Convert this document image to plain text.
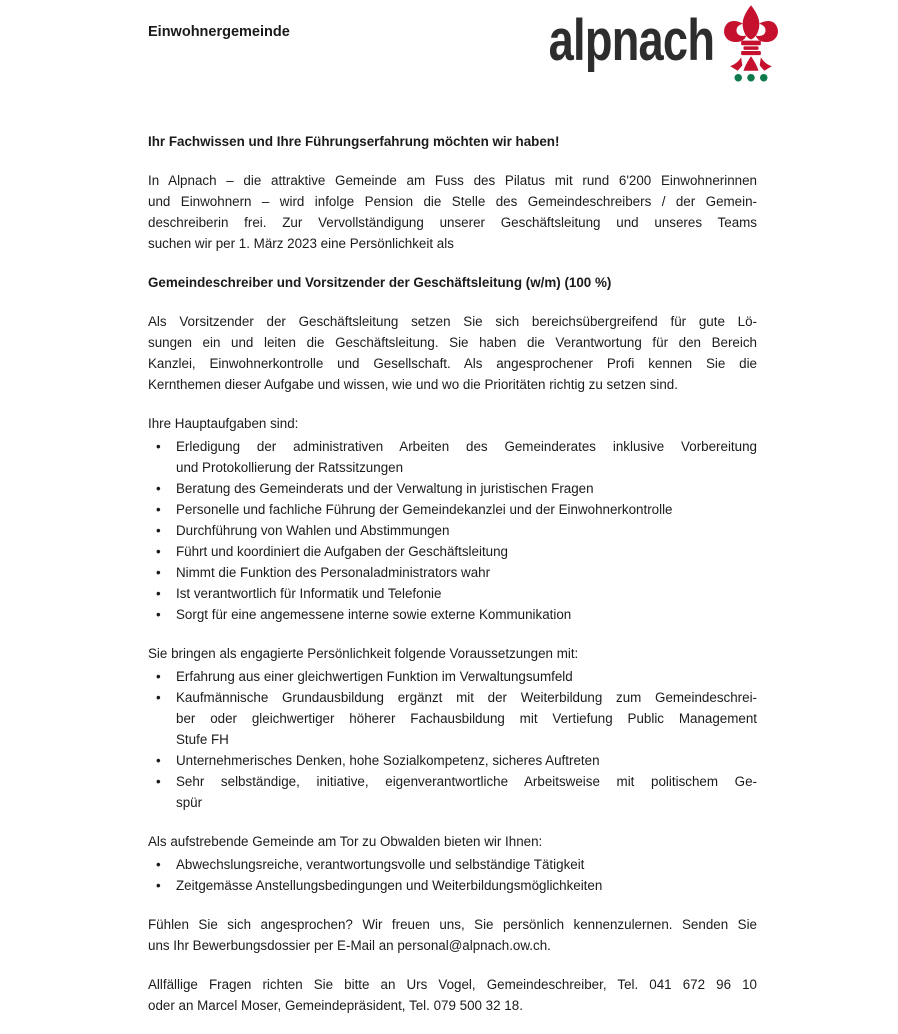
Einwohnergemeinde	alpnach

Ihr Fachwissen und Ihre Führungserfahrung möchten wir haben!

In Alpnach – die attraktive Gemeinde am Fuss des Pilatus mit rund 6'200 Einwohnerinnen
und Einwohnern – wird infolge Pension die Stelle des Gemeindeschreibers / der Gemein-
deschreiberin frei. Zur Vervollständigung unserer Geschäftsleitung und unseres Teams
suchen wir per 1. März 2023 eine Persönlichkeit als

Gemeindeschreiber und Vorsitzender der Geschäftsleitung (w/m) (100 %)

Als Vorsitzender der Geschäftsleitung setzen Sie sich bereichsübergreifend für gute Lö-
sungen ein und leiten die Geschäftsleitung. Sie haben die Verantwortung für den Bereich
Kanzlei, Einwohnerkontrolle und Gesellschaft. Als angesprochener Profi kennen Sie die
Kernthemen dieser Aufgabe und wissen, wie und wo die Prioritäten richtig zu setzen sind.

Ihre Hauptaufgaben sind:

• Erledigung der administrativen Arbeiten des Gemeinderates inklusive Vorbereitung
und Protokollierung der Ratssitzungen
• Beratung des Gemeinderats und der Verwaltung in juristischen Fragen
• Personelle und fachliche Führung der Gemeindekanzlei und der Einwohnerkontrolle
• Durchführung von Wahlen und Abstimmungen
• Führt und koordiniert die Aufgaben der Geschäftsleitung
• Nimmt die Funktion des Personaladministrators wahr
• Ist verantwortlich für Informatik und Telefonie
• Sorgt für eine angemessene interne sowie externe Kommunikation

Sie bringen als engagierte Persönlichkeit folgende Voraussetzungen mit:

• Erfahrung aus einer gleichwertigen Funktion im Verwaltungsumfeld
• Kaufmännische Grundausbildung ergänzt mit der Weiterbildung zum Gemeindeschrei-
ber oder gleichwertiger höherer Fachausbildung mit Vertiefung Public Management
Stufe FH
• Unternehmerisches Denken, hohe Sozialkompetenz, sicheres Auftreten
• Sehr selbständige, initiative, eigenverantwortliche Arbeitsweise mit politischem Ge-
spür

Als aufstrebende Gemeinde am Tor zu Obwalden bieten wir Ihnen:

• Abwechslungsreiche, verantwortungsvolle und selbständige Tätigkeit
• Zeitgemässe Anstellungsbedingungen und Weiterbildungsmöglichkeiten
Fühlen Sie sich angesprochen? Wir freuen uns, Sie persönlich kennenzulernen. Senden Sie
uns Ihr Bewerbungsdossier per E-Mail an personal@alpnach.ow.ch.
Allfällige Fragen richten Sie bitte an Urs Vogel, Gemeindeschreiber, Tel. 041 672 96 10
oder an Marcel Moser, Gemeindepräsident, Tel. 079 500 32 18.
